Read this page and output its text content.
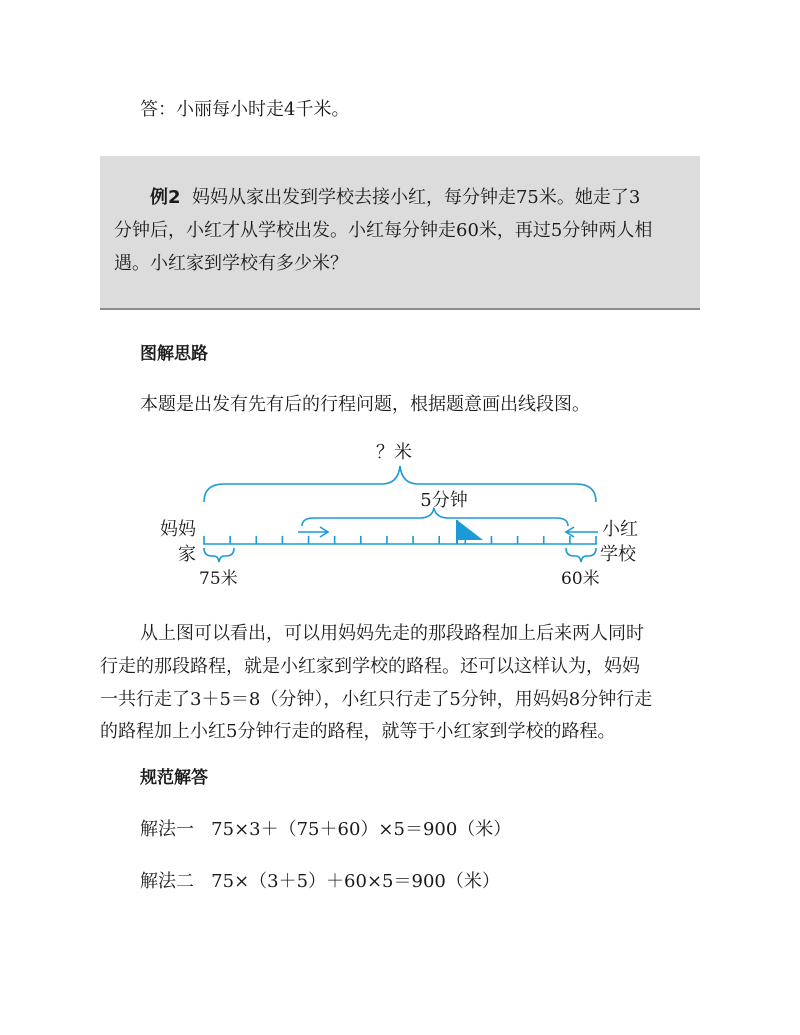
答：小丽每小时走4千米。
例2 妈妈从家出发到学校去接小红，每分钟走75米。她走了3
分钟后，小红才从学校出发。小红每分钟走60米，再过5分钟两人相
遇。小红家到学校有多少米？
图解思路
本题是出发有先有后的行程问题，根据题意画出线段图。
？米
5分钟
妈妈
家
小红
学校
75米	60米
从上图可以看出，可以用妈妈先走的那段路程加上后来两人同时
行走的那段路程，就是小红家到学校的路程。还可以这样认为，妈妈
一共行走了3＋5＝8（分钟），小红只行走了5分钟，用妈妈8分钟行走
的路程加上小红5分钟行走的路程，就等于小红家到学校的路程。
规范解答
解法一 75×3＋（75＋60）×5＝900（米）
解法二 75×（3＋5）＋60×5＝900（米）
